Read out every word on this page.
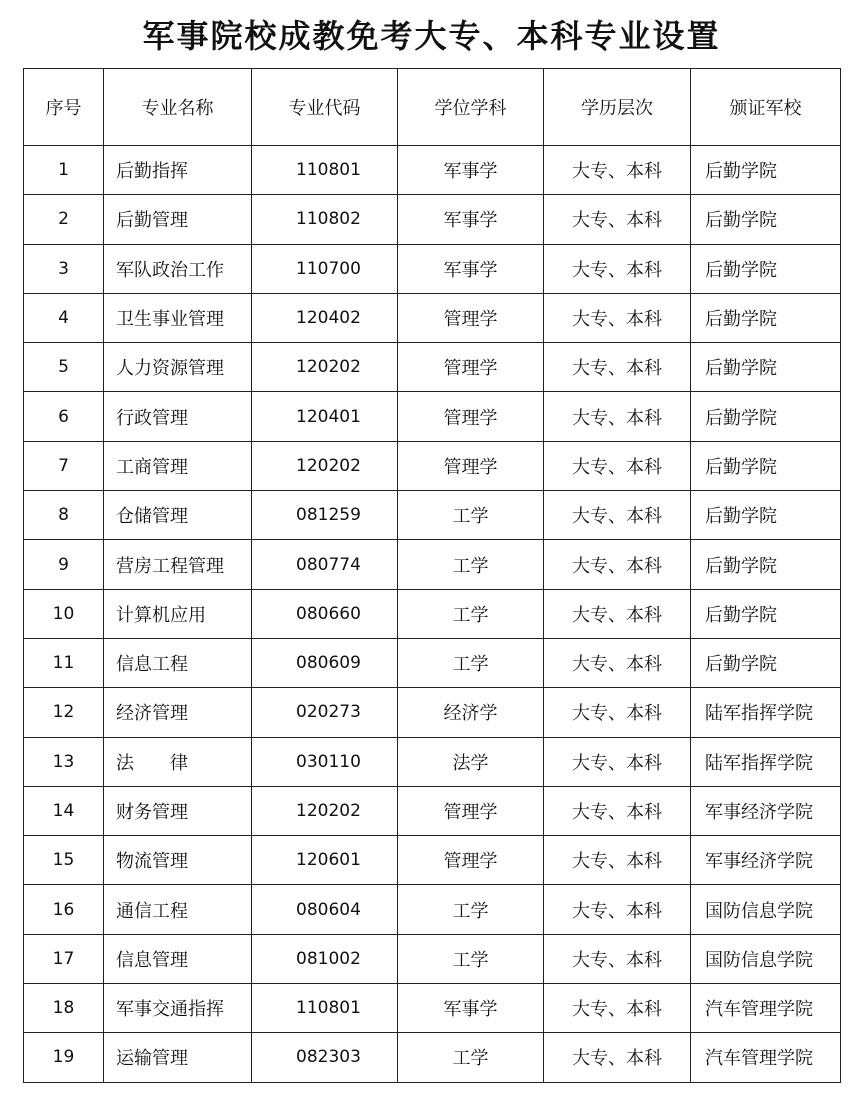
军事院校成教免考大专、本科专业设置
序号	专业名称	专业代码	学位学科	学历层次	颁证军校
1	后勤指挥	110801	军事学	大专、本科	后勤学院
2	后勤管理	110802	军事学	大专、本科	后勤学院
3	军队政治工作	110700	军事学	大专、本科	后勤学院
4	卫生事业管理	120402	管理学	大专、本科	后勤学院
5	人力资源管理	120202	管理学	大专、本科	后勤学院
6	行政管理	120401	管理学	大专、本科	后勤学院
7	工商管理	120202	管理学	大专、本科	后勤学院
8	仓储管理	081259	工学	大专、本科	后勤学院
9	营房工程管理	080774	工学	大专、本科	后勤学院
10	计算机应用	080660	工学	大专、本科	后勤学院
11	信息工程	080609	工学	大专、本科	后勤学院
12	经济管理	020273	经济学	大专、本科	陆军指挥学院
13	法　　律	030110	法学	大专、本科	陆军指挥学院
14	财务管理	120202	管理学	大专、本科	军事经济学院
15	物流管理	120601	管理学	大专、本科	军事经济学院
16	通信工程	080604	工学	大专、本科	国防信息学院
17	信息管理	081002	工学	大专、本科	国防信息学院
18	军事交通指挥	110801	军事学	大专、本科	汽车管理学院
19	运输管理	082303	工学	大专、本科	汽车管理学院
